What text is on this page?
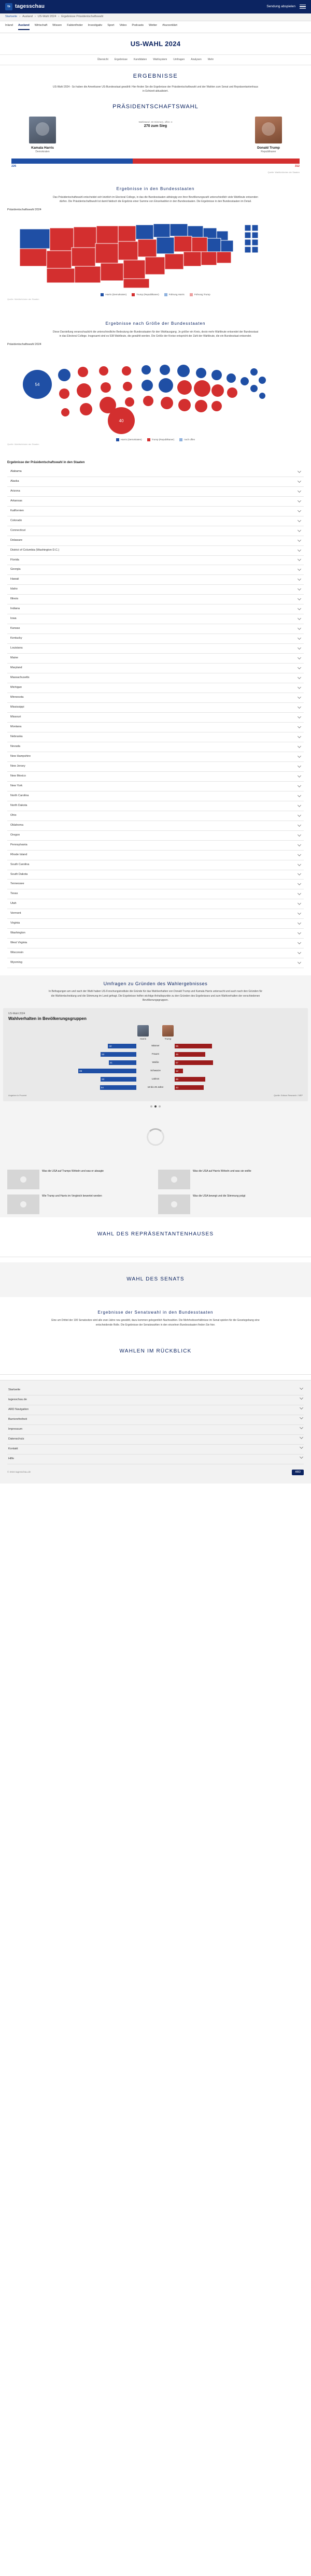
ts tagesschau	Sendung abspielen
Startseite › Ausland › US-Wahl 2024 › Ergebnisse Präsidentschaftswahl
Inland Ausland Wirtschaft Wissen Faktenfinder Investigativ Sport Video Podcasts Wetter #kurzerklärt
US-WAHL 2024
Übersicht Ergebnisse Kandidaten Wahlsystem Umfragen Analysen Mehr
ERGEBNISSE
US-Wahl 2024 - So haben die Amerikaner US-Bundesstaat gewählt: Hier finden Sie die Ergebnisse der Präsidentschaftswahl und der Wahlen zum Senat und Repräsentantenhaus in Echtzeit aktualisiert.
PRÄSIDENTSCHAFTSWAHL
Kamala Harris
Demokraten
Wahlstand: 49 Stimmen, offen: 4
270 zum Sieg
Donald Trump
Republikaner
226	312
Quelle: Wahlbehörden der Staaten
Ergebnisse in den Bundesstaaten
Das Präsidentschaftswahl entscheidet sich letztlich im Electoral College, in das die Bundesstaaten abhängig von ihrer Bevölkerungszahl unterschiedlich viele Wahlleute entsenden dürfen. Die Präsidentschaftswahl ist damit faktisch die Ergebnis einer Summe von Einzelwahlen in den Bundesstaaten. Die Ergebnisse in den Bundesstaaten im Detail.
Präsidentschaftswahl 2024
Harris (Demokraten)	Trump (Republikaner)	Führung Harris	Führung Trump
Quelle: Wahlbehörden der Staaten
Ergebnisse nach Größe der Bundesstaaten
Diese Darstellung veranschaulicht die unterschiedliche Bedeutung der Bundesstaaten für den Wahlausgang. Je größer ein Kreis, desto mehr Wahlleute entsendet der Bundesstaat in das Electoral College. Insgesamt sind es 538 Wahlleute, die gewählt werden. Die Größe der Kreise entspricht der Zahl der Wahlleute, die ein Bundesstaat entsendet.
Präsidentschaftswahl 2024
54
40
Harris (Demokraten)	Trump (Republikaner)	noch offen
Quelle: Wahlbehörden der Staaten
Ergebnisse der Präsidentschaftswahl in den Staaten
Alabama
Alaska
Arizona
Arkansas
Kalifornien
Colorado
Connecticut
Delaware
District of Columbia (Washington D.C.)
Florida
Georgia
Hawaii
Idaho
Illinois
Indiana
Iowa
Kansas
Kentucky
Louisiana
Maine
Maryland
Massachusetts
Michigan
Minnesota
Mississippi
Missouri
Montana
Nebraska
Nevada
New Hampshire
New Jersey
New Mexico
New York
North Carolina
North Dakota
Ohio
Oklahoma
Oregon
Pennsylvania
Rhode Island
South Carolina
South Dakota
Tennessee
Texas
Utah
Vermont
Virginia
Washington
West Virginia
Wisconsin
Wyoming
Umfragen zu Gründen des Wahlergebnisses
In Befragungen am und nach der Wahl haben US-Forschungsinstitute die Gründe für das Wahlverhalten von Donald Trump und Kamala Harris untersucht und auch nach den Gründen für die Wahlentscheidung und die Stimmung im Land gefragt. Die Ergebnisse helfen wichtige Anhaltspunkte zu den Gründen des Ergebnisses und zum Wahlverhalten der verschiedenen Bevölkerungsgruppen.
US-Wahl 2024
Wahlverhalten in Bevölkerungsgruppen
Harris	Trump
42	Männer	55
53	Frauen	45
41	Weiße	57
86	Schwarze	12
53	Latinos	45
54	18 bis 29 Jahre	43
Angaben in Prozent	Quelle: Edison Research / NEP
Was die USA auf Trumps Wirbeln und was er absagte	Was die USA auf Harris Wirbeln und was sie wollte
Wie Trump und Harris im Vergleich bewertet werden	Was die USA bewegt und die Stimmung prägt
WAHL DES REPRÄSENTANTENHAUSES
WAHL DES SENATS
Ergebnisse der Senatswahl in den Bundesstaaten
Eine um Drittel der 100 Senatssitze wird alle zwei Jahre neu gewählt, dazu kommen gelegentlich Nachwahlen. Die Mehrheitsverhältnisse im Senat spielen für die Gesetzgebung eine entscheidende Rolle. Die Ergebnisse der Senatswahlen in den einzelnen Bundesstaaten finden Sie hier.
WAHLEN IM RÜCKBLICK
Startseite
tagesschau.de
ARD Navigation
Barrierefreiheit
Impressum
Datenschutz
Kontakt
Hilfe
© 2024 tagesschau.de	ARD
